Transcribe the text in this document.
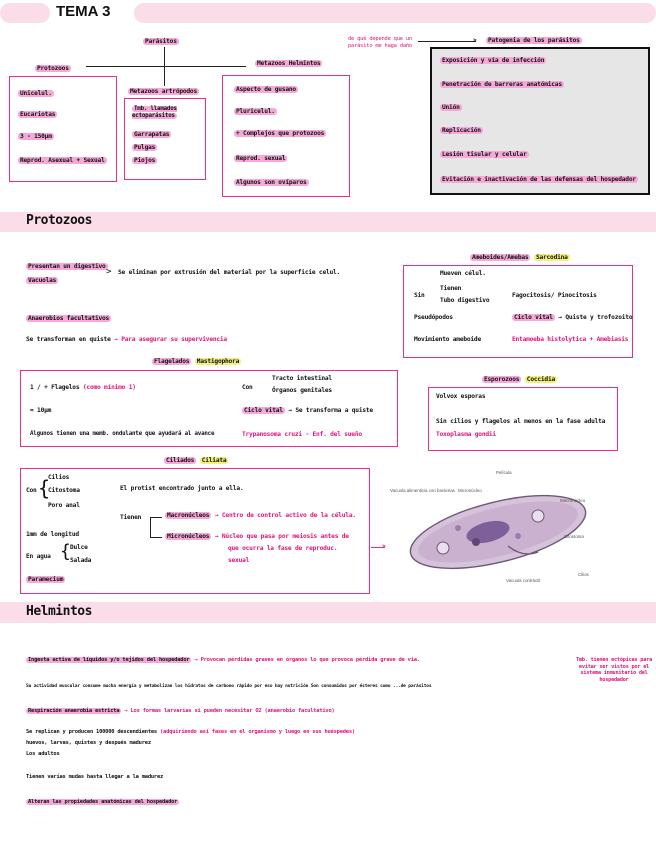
TEMA 3
Parásitos
Protozoos
Unicelul.
Eucariotas
3 - 150μm
Reprod. Asexual + Sexual
Metazoos artrópodos
Tmb. llamados ectoparásitos
Garrapatas
Pulgas
Piojos
Metazoos Helmintos
Aspecto de gusano
Pluricelul.
+ Complejos que protozoos
Reprod. sexual
Algunos son ovíparos
de qué depende que un parásito me haga daño
>	Patogenia de los parásitos
Exposición y vía de infección
Penetración de barreras anatómicas
Unión
Replicación
Lesión tisular y celular
Evitación e inactivación de las defensas del hospedador
Protozoos
Presentan un digestivo
Vacuolas
> Se eliminan por extrusión del material por la superficie celul.
Anaerobios facultativos
Se transforman en quiste → Para asegurar su supervivencia
Ameboides/Amebas Sarcodina
Mueven célul.
Sin
Tienen
Tubo digestivo
Pseudópodos
Movimiento ameboide
Fagocitosis/ Pinocitosis
Ciclo vital → Quiste y trofozoito
Entamoeba histolytica + Amebiasis
Flagelados Mastigophora
1 / + Flagelos (como mínimo 1)
≈ 10μm
Algunos tienen una memb. ondulante que ayudará al avance
Con
Tracto intestinal
Órganos genitales
Ciclo vital → Se transforma a quiste
Trypanosoma cruzi - Enf. del sueño
Esporozoos Coccidia
Volvox esporas
Sin cilios y flagelos al menos en la fase adulta
Toxoplasma gondii
Ciliados Ciliata
Con {
Cilios
Citostoma
Poro anal
1mm de longitud
En agua { Dulce
Salada
Paramecium
El protist encontrado junto a ella.
Tienen	Macronúcleos → Centro de control activo de la célula.
Micronúcleos → Núcleo que pasa por meiosis antes de
que ocurra la fase de reproduc.
sexual
>
Vacuola alimenticia con bacterias Micronúcleo
Macronúcleo
Citostoma
Vacuola contráctil
Película
Cilios
Helmintos
Ingesta activa de líquidos y/o tejidos del hospedador → Provocan pérdidas graves en órganos lo que provoca pérdida grave de vía.
Su actividad muscular consume mucha energía y metabolizan los hidratos de carbono rápido por eso hay nutrición Son consumidos por ésteres como ...de parásitos
Respiración anaerobia estricta → Los formas larvarias sí pueden necesitar O2 (anaerobio facultativo)
Se replican y producen 100000 descendientes (adquiriendo así fases en el organismo y luego en sus huéspedes)
huevos, larvas, quistes y después madurez
Los adultos
Tienen varias mudas hasta llegar a la madurez
Alteran las propiedades anatómicas del hospedador
Tmb. tienen ectópicas para evitar ser vistos por el sistema inmunitario del hospedador
